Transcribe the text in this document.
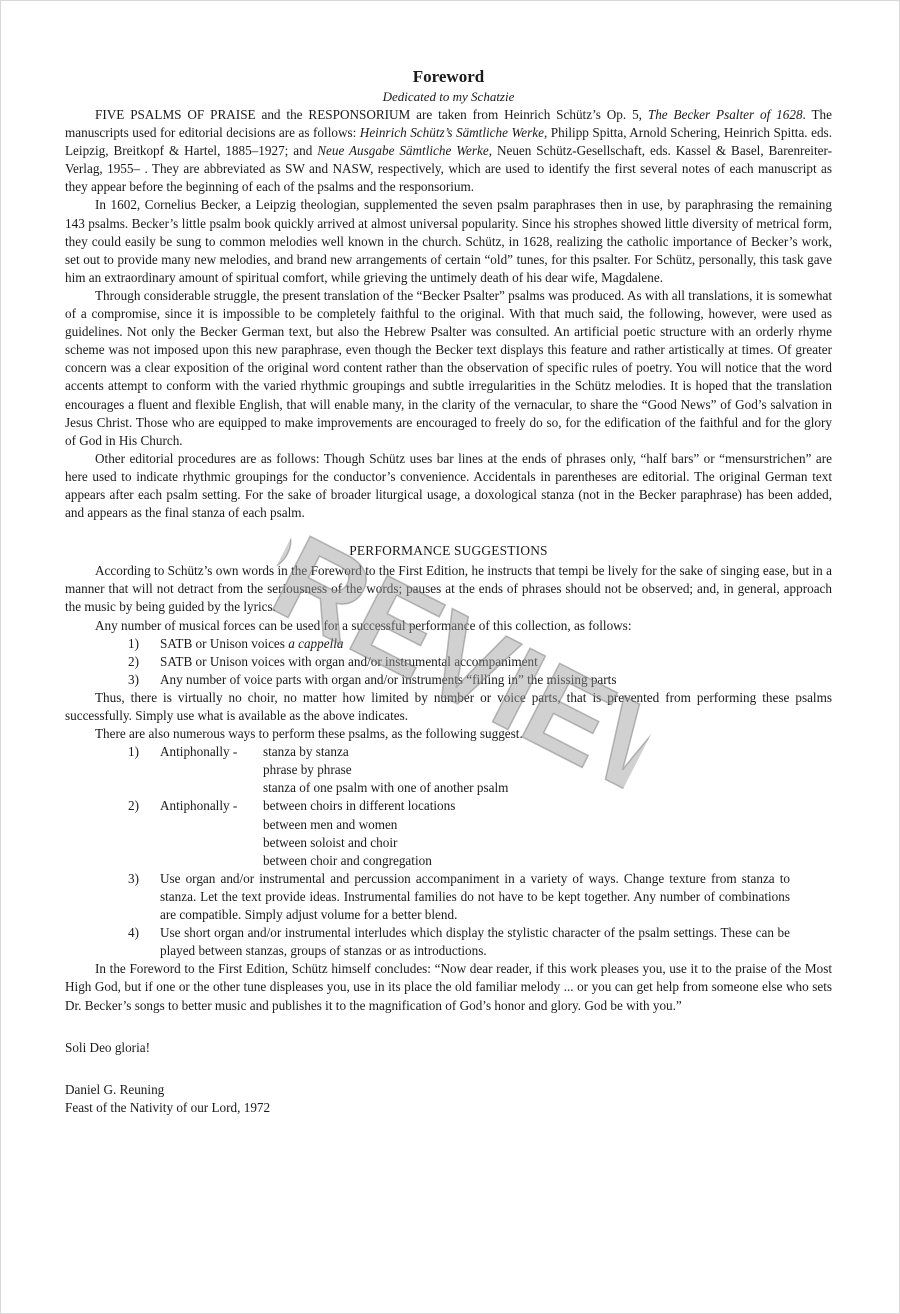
Foreword
Dedicated to my Schatzie

FIVE PSALMS OF PRAISE and the RESPONSORIUM are taken from Heinrich Schütz’s Op. 5, The Becker Psalter of 1628. The manuscripts used for editorial decisions are as follows: Heinrich Schütz’s Sämtliche Werke, Philipp Spitta, Arnold Schering, Heinrich Spitta. eds. Leipzig, Breitkopf & Hartel, 1885–1927; and Neue Ausgabe Sämtliche Werke, Neuen Schütz-Gesellschaft, eds. Kassel & Basel, Barenreiter-Verlag, 1955– . They are abbreviated as SW and NASW, respectively, which are used to identify the first several notes of each manuscript as they appear before the beginning of each of the psalms and the responsorium.

In 1602, Cornelius Becker, a Leipzig theologian, supplemented the seven psalm paraphrases then in use, by paraphrasing the remaining 143 psalms. Becker’s little psalm book quickly arrived at almost universal popularity. Since his strophes showed little diversity of metrical form, they could easily be sung to common melodies well known in the church. Schütz, in 1628, realizing the catholic importance of Becker’s work, set out to provide many new melodies, and brand new arrangements of certain “old” tunes, for this psalter. For Schütz, personally, this task gave him an extraordinary amount of spiritual comfort, while grieving the untimely death of his dear wife, Magdalene.

Through considerable struggle, the present translation of the “Becker Psalter” psalms was produced. As with all translations, it is somewhat of a compromise, since it is impossible to be completely faithful to the original. With that much said, the following, however, were used as guidelines. Not only the Becker German text, but also the Hebrew Psalter was consulted. An artificial poetic structure with an orderly rhyme scheme was not imposed upon this new paraphrase, even though the Becker text displays this feature and rather artistically at times. Of greater concern was a clear exposition of the original word content rather than the observation of specific rules of poetry. You will notice that the word accents attempt to conform with the varied rhythmic groupings and subtle irregularities in the Schütz melodies. It is hoped that the translation encourages a fluent and flexible English, that will enable many, in the clarity of the vernacular, to share the “Good News” of God’s salvation in Jesus Christ. Those who are equipped to make improvements are encouraged to freely do so, for the edification of the faithful and for the glory of God in His Church.

Other editorial procedures are as follows: Though Schütz uses bar lines at the ends of phrases only, “half bars” or “mensurstrichen” are here used to indicate rhythmic groupings for the conductor’s convenience. Accidentals in parentheses are editorial. The original German text appears after each psalm setting. For the sake of broader liturgical usage, a doxological stanza (not in the Becker paraphrase) has been added, and appears as the final stanza of each psalm.

PERFORMANCE SUGGESTIONS

According to Schütz’s own words in the Foreword to the First Edition, he instructs that tempi be lively for the sake of singing ease, but in a manner that will not detract from the seriousness of the words; pauses at the ends of phrases should not be observed; and, in general, approach the music by being guided by the lyrics.

Any number of musical forces can be used for a successful performance of this collection, as follows:

1) SATB or Unison voices a cappella
2) SATB or Unison voices with organ and/or instrumental accompaniment
3) Any number of voice parts with organ and/or instruments “filling in” the missing parts

Thus, there is virtually no choir, no matter how limited by number or voice parts, that is prevented from performing these psalms successfully. Simply use what is available as the above indicates.

There are also numerous ways to perform these psalms, as the following suggest.

1) Antiphonally -	stanza by stanza
phrase by phrase
stanza of one psalm with one of another psalm
2) Antiphonally -	between choirs in different locations
between men and women
between soloist and choir
between choir and congregation
3) Use organ and/or instrumental and percussion accompaniment in a variety of ways. Change texture from stanza to stanza. Let the text provide ideas. Instrumental families do not have to be kept together. Any number of combinations are compatible. Simply adjust volume for a better blend.
4) Use short organ and/or instrumental interludes which display the stylistic character of the psalm settings. These can be played between stanzas, groups of stanzas or as introductions.

In the Foreword to the First Edition, Schütz himself concludes: “Now dear reader, if this work pleases you, use it to the praise of the Most High God, but if one or the other tune displeases you, use in its place the old familiar melody ... or you can get help from someone else who sets Dr. Becker’s songs to better music and publishes it to the magnification of God’s honor and glory. God be with you.”

Soli Deo gloria!
Daniel G. Reuning
Feast of the Nativity of our Lord, 1972
PREVIEW
